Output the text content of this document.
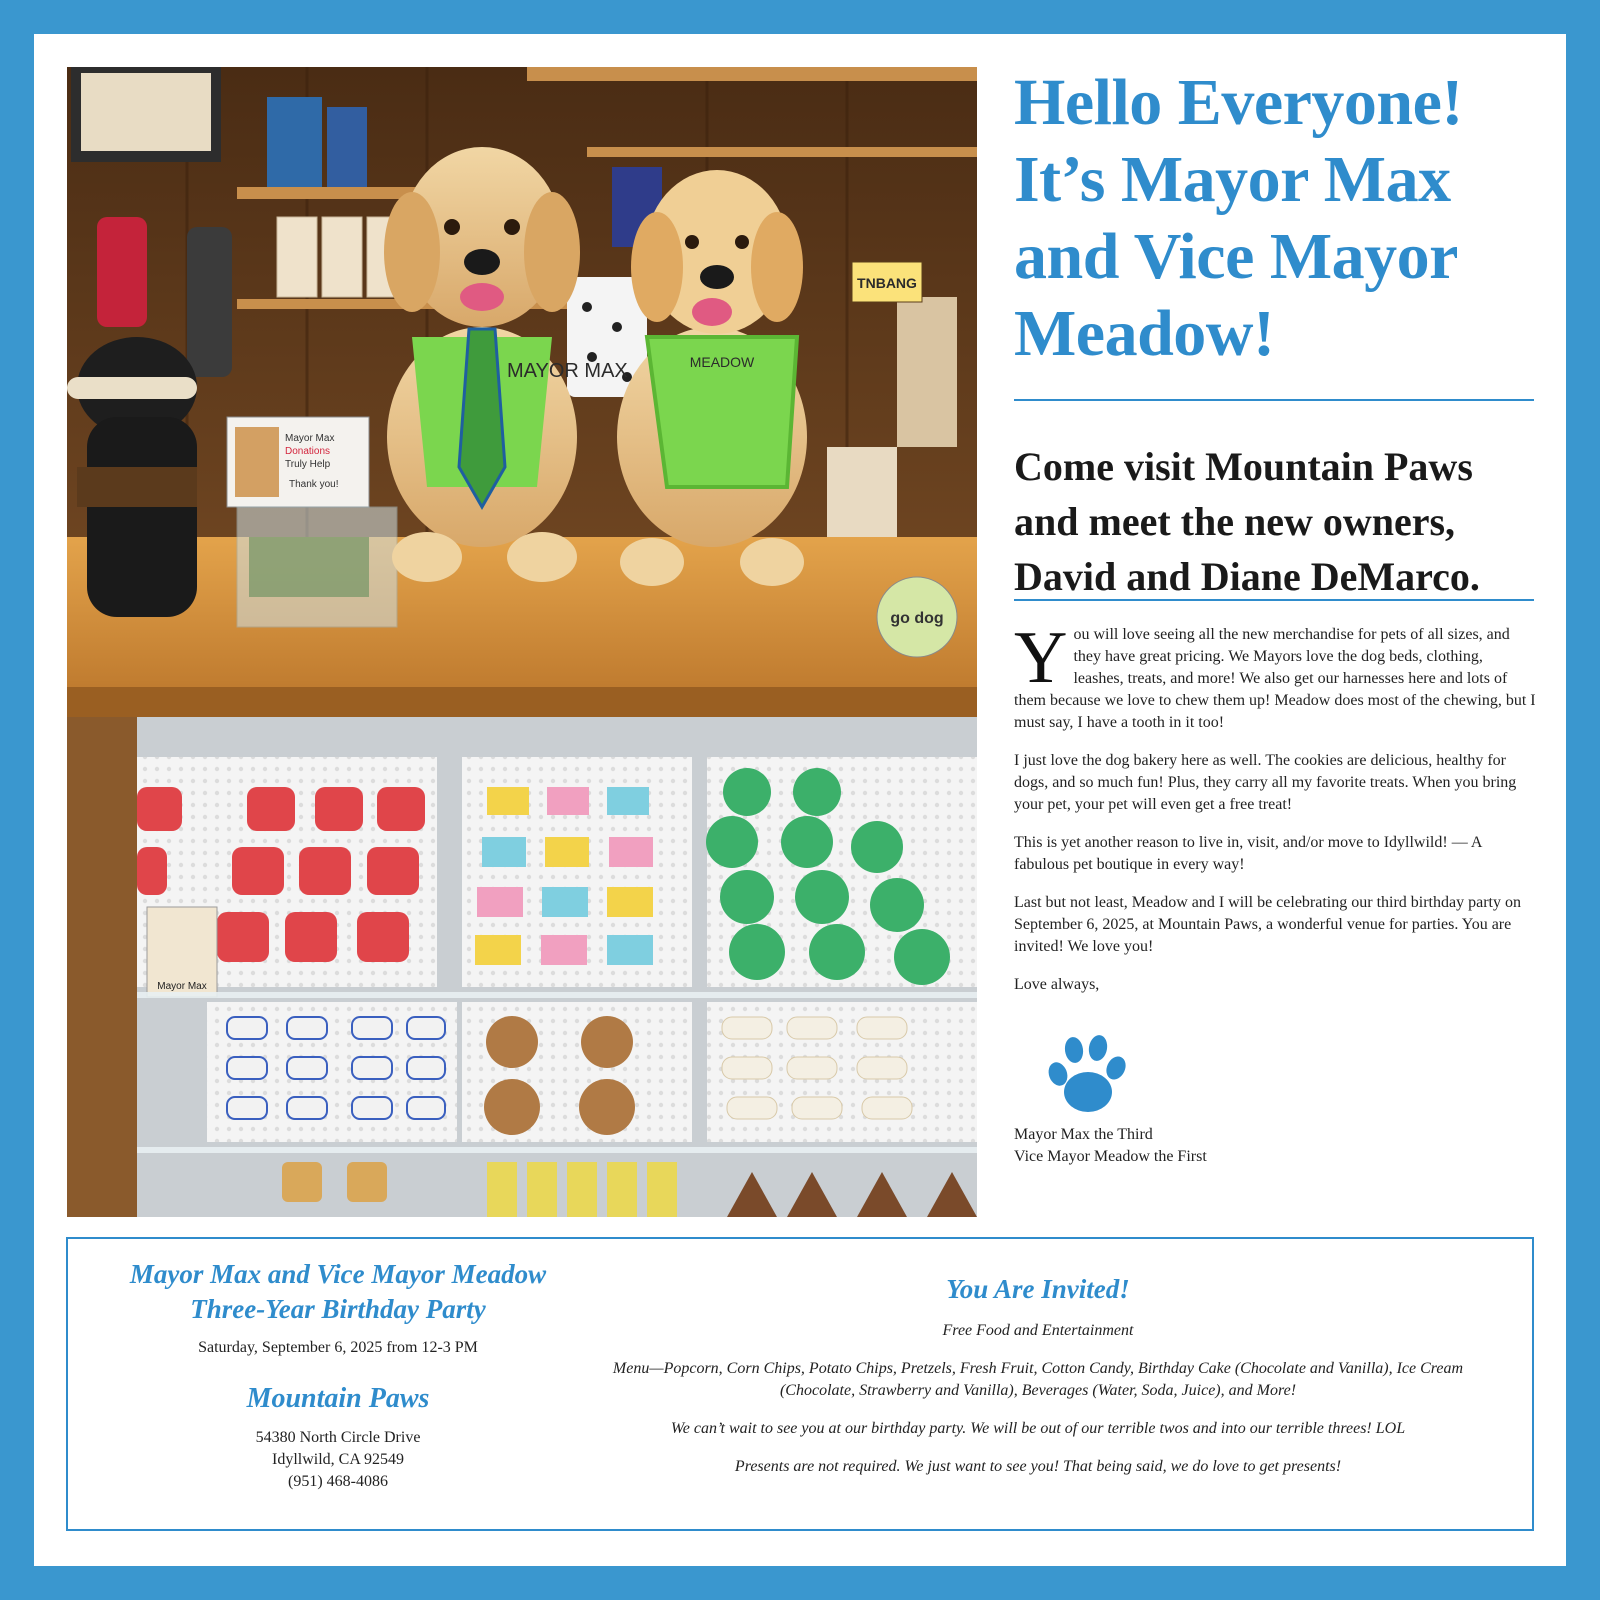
TNBANG
Mayor Max Donations Truly Help Thank you!
MAYOR MAX	MEADOW
go dog
Mayor Max
Hello Everyone!
It’s Mayor Max
and Vice Mayor
Meadow!
Come visit Mountain Paws
and meet the new owners,
David and Diane DeMarco.

You will love seeing all the new merchandise for pets of all sizes, and they have great pricing. We Mayors love the dog beds, clothing, leashes, treats, and more! We also get our harnesses here and lots of them because we love to chew them up! Meadow does most of the chewing, but I must say, I have a tooth in it too!

I just love the dog bakery here as well. The cookies are delicious, healthy for dogs, and so much fun! Plus, they carry all my favorite treats. When you bring your pet, your pet will even get a free treat!

This is yet another reason to live in, visit, and/or move to Idyllwild! — A fabulous pet boutique in every way!

Last but not least, Meadow and I will be celebrating our third birthday party on September 6, 2025, at Mountain Paws, a wonderful venue for parties. You are invited! We love you!

Love always,

Mayor Max the Third
Vice Mayor Meadow the First

Mayor Max and Vice Mayor Meadow
Three-Year Birthday Party

Saturday, September 6, 2025 from 12-3 PM

Mountain Paws

54380 North Circle Drive
Idyllwild, CA 92549
(951) 468-4086
You Are Invited!

Free Food and Entertainment

Menu—Popcorn, Corn Chips, Potato Chips, Pretzels, Fresh Fruit, Cotton Candy, Birthday Cake (Chocolate and Vanilla), Ice Cream (Chocolate, Strawberry and Vanilla), Beverages (Water, Soda, Juice), and More!

We can’t wait to see you at our birthday party. We will be out of our terrible twos and into our terrible threes! LOL

Presents are not required. We just want to see you! That being said, we do love to get presents!
